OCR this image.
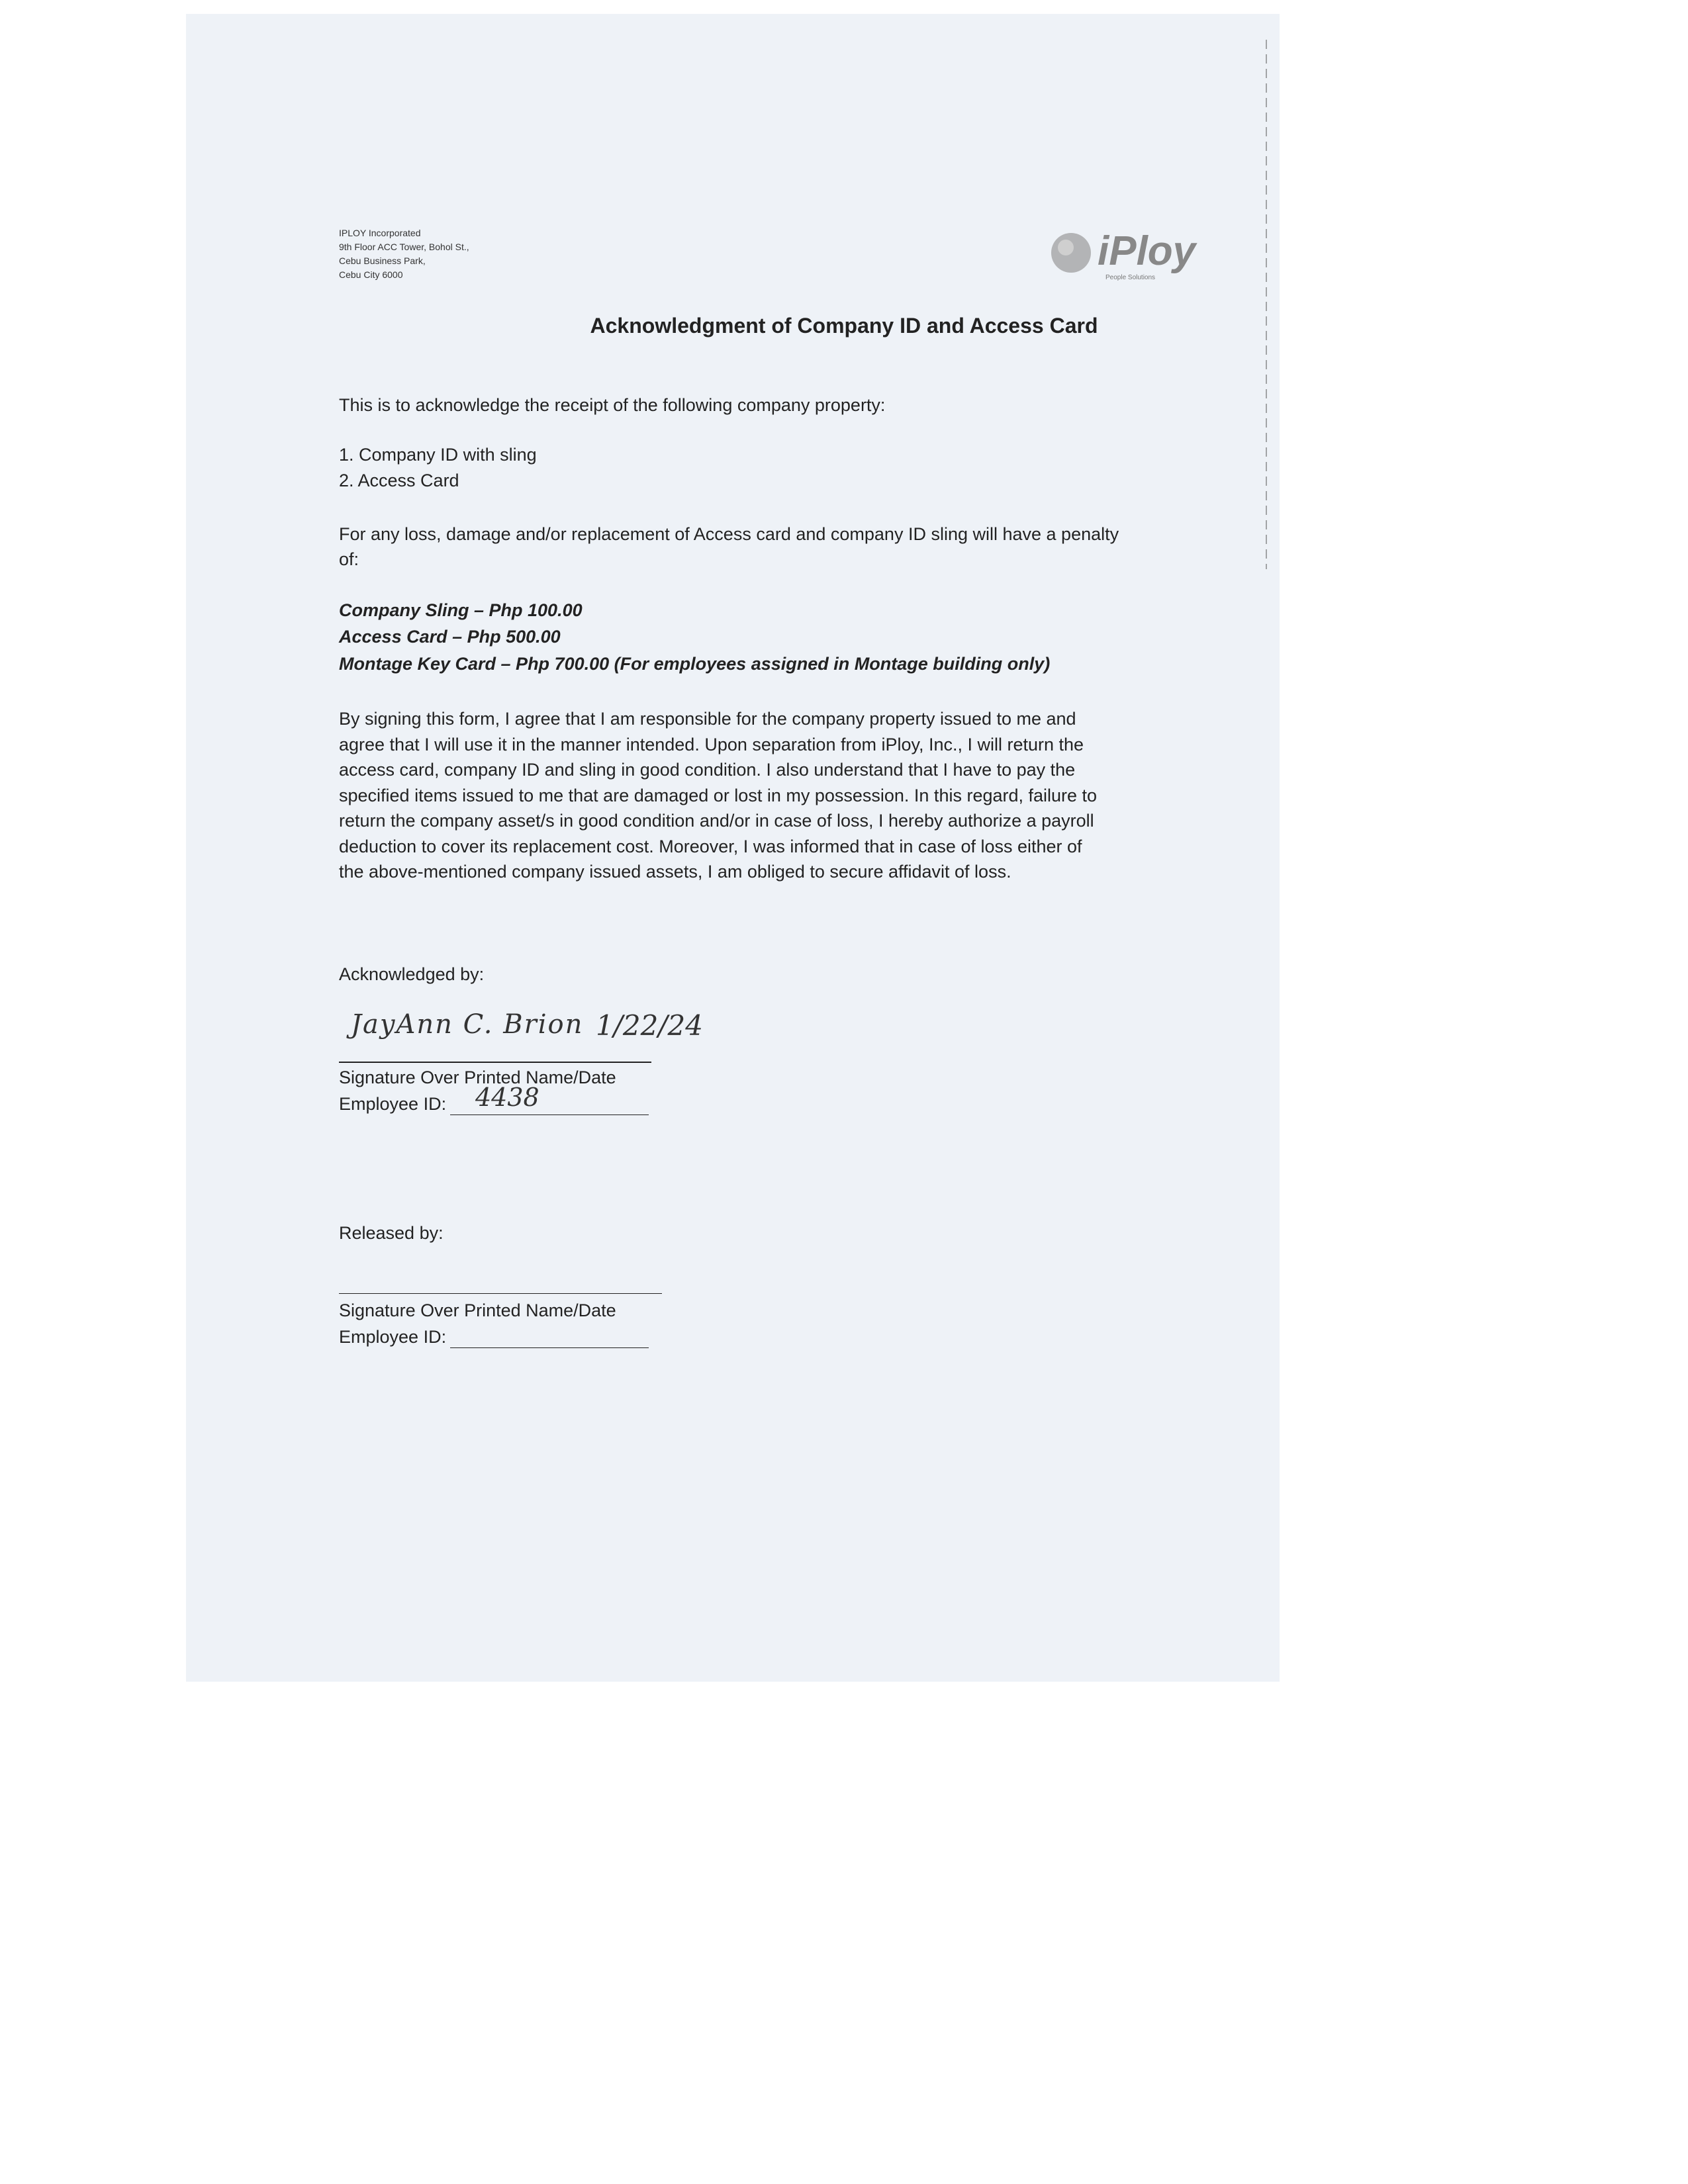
IPLOY Incorporated
9th Floor ACC Tower, Bohol St.,
Cebu Business Park,
Cebu City 6000
iPloy
People Solutions
Acknowledgment of Company ID and Access Card
This is to acknowledge the receipt of the following company property:
1. Company ID with sling
2. Access Card
For any loss, damage and/or replacement of Access card and company ID sling will have a penalty
of:
Company Sling – Php 100.00
Access Card – Php 500.00
Montage Key Card – Php 700.00 (For employees assigned in Montage building only)
By signing this form, I agree that I am responsible for the company property issued to me and
agree that I will use it in the manner intended. Upon separation from iPloy, Inc., I will return the
access card, company ID and sling in good condition. I also understand that I have to pay the
specified items issued to me that are damaged or lost in my possession. In this regard, failure to
return the company asset/s in good condition and/or in case of loss, I hereby authorize a payroll
deduction to cover its replacement cost. Moreover, I was informed that in case of loss either of
the above-mentioned company issued assets, I am obliged to secure affidavit of loss.
Acknowledged by:
JayAnn C. Brion 1/22/24
Signature Over Printed Name/Date
Employee ID: 4438
Released by:
Signature Over Printed Name/Date
Employee ID:
